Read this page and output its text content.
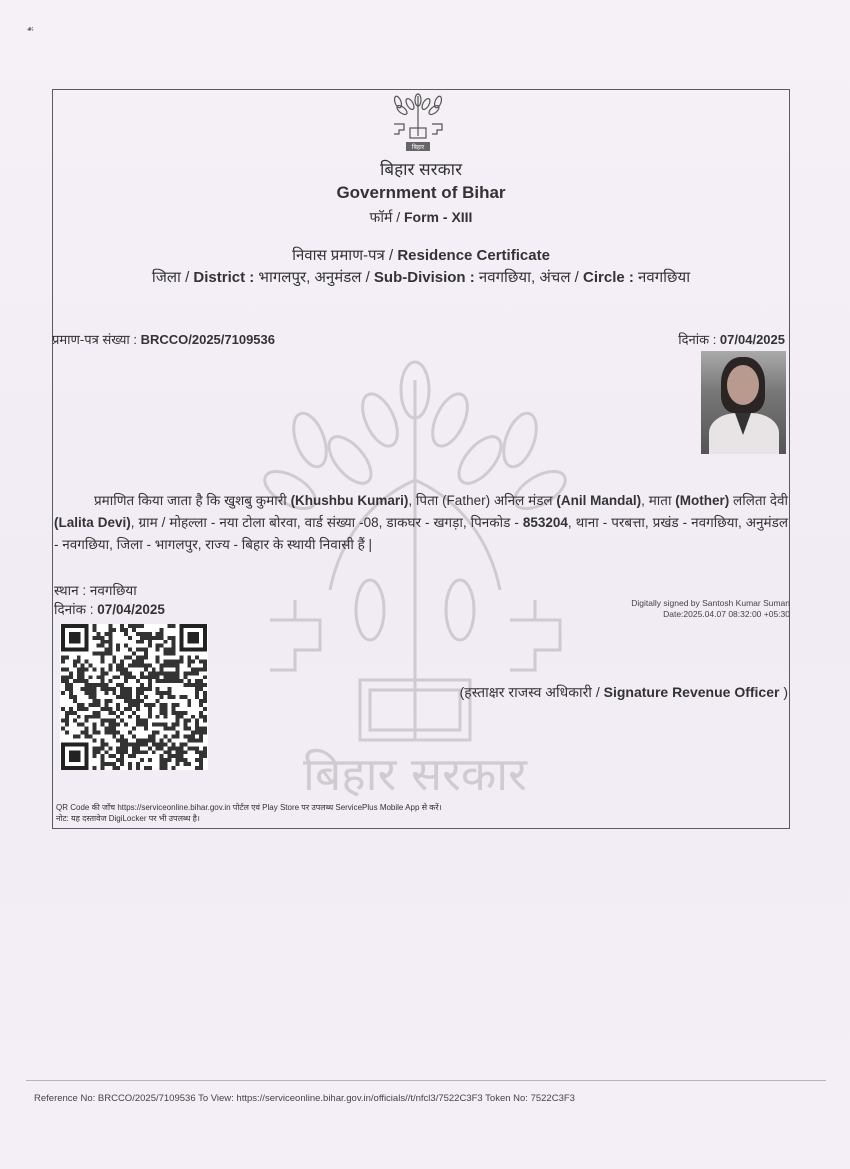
☙
बिहार सरकार
बिहार
बिहार सरकार
Government of Bihar
फॉर्म / Form - XIII
निवास प्रमाण-पत्र / Residence Certificate
जिला / District : भागलपुर, अनुमंडल / Sub-Division : नवगछिया, अंचल / Circle : नवगछिया
प्रमाण-पत्र संख्या : BRCCO/2025/7109536	दिनांक : 07/04/2025
प्रमाणित किया जाता है कि खुशबु कुमारी (Khushbu Kumari), पिता (Father) अनिल मंडल (Anil Mandal), माता (Mother) ललिता देवी (Lalita Devi), ग्राम / मोहल्ला - नया टोला बोरवा, वार्ड संख्या -08, डाकघर - खगड़ा, पिनकोड - 853204, थाना - परबत्ता, प्रखंड - नवगछिया, अनुमंडल - नवगछिया, जिला - भागलपुर, राज्य - बिहार के स्थायी निवासी हैं |
स्थान : नवगछिया
दिनांक : 07/04/2025	Digitally signed by Santosh Kumar Suman
Date:2025.04.07 08:32:00 +05:30
(हस्ताक्षर राजस्व अधिकारी / Signature Revenue Officer )
QR Code की जाँच https://serviceonline.bihar.gov.in पोर्टल एवं Play Store पर उपलब्ध ServicePlus Mobile App से करें।
नोट: यह दस्तावेज DigiLocker पर भी उपलब्ध है।
Reference No: BRCCO/2025/7109536 To View: https://serviceonline.bihar.gov.in/officials//t/nfcl3/7522C3F3 Token No: 7522C3F3
